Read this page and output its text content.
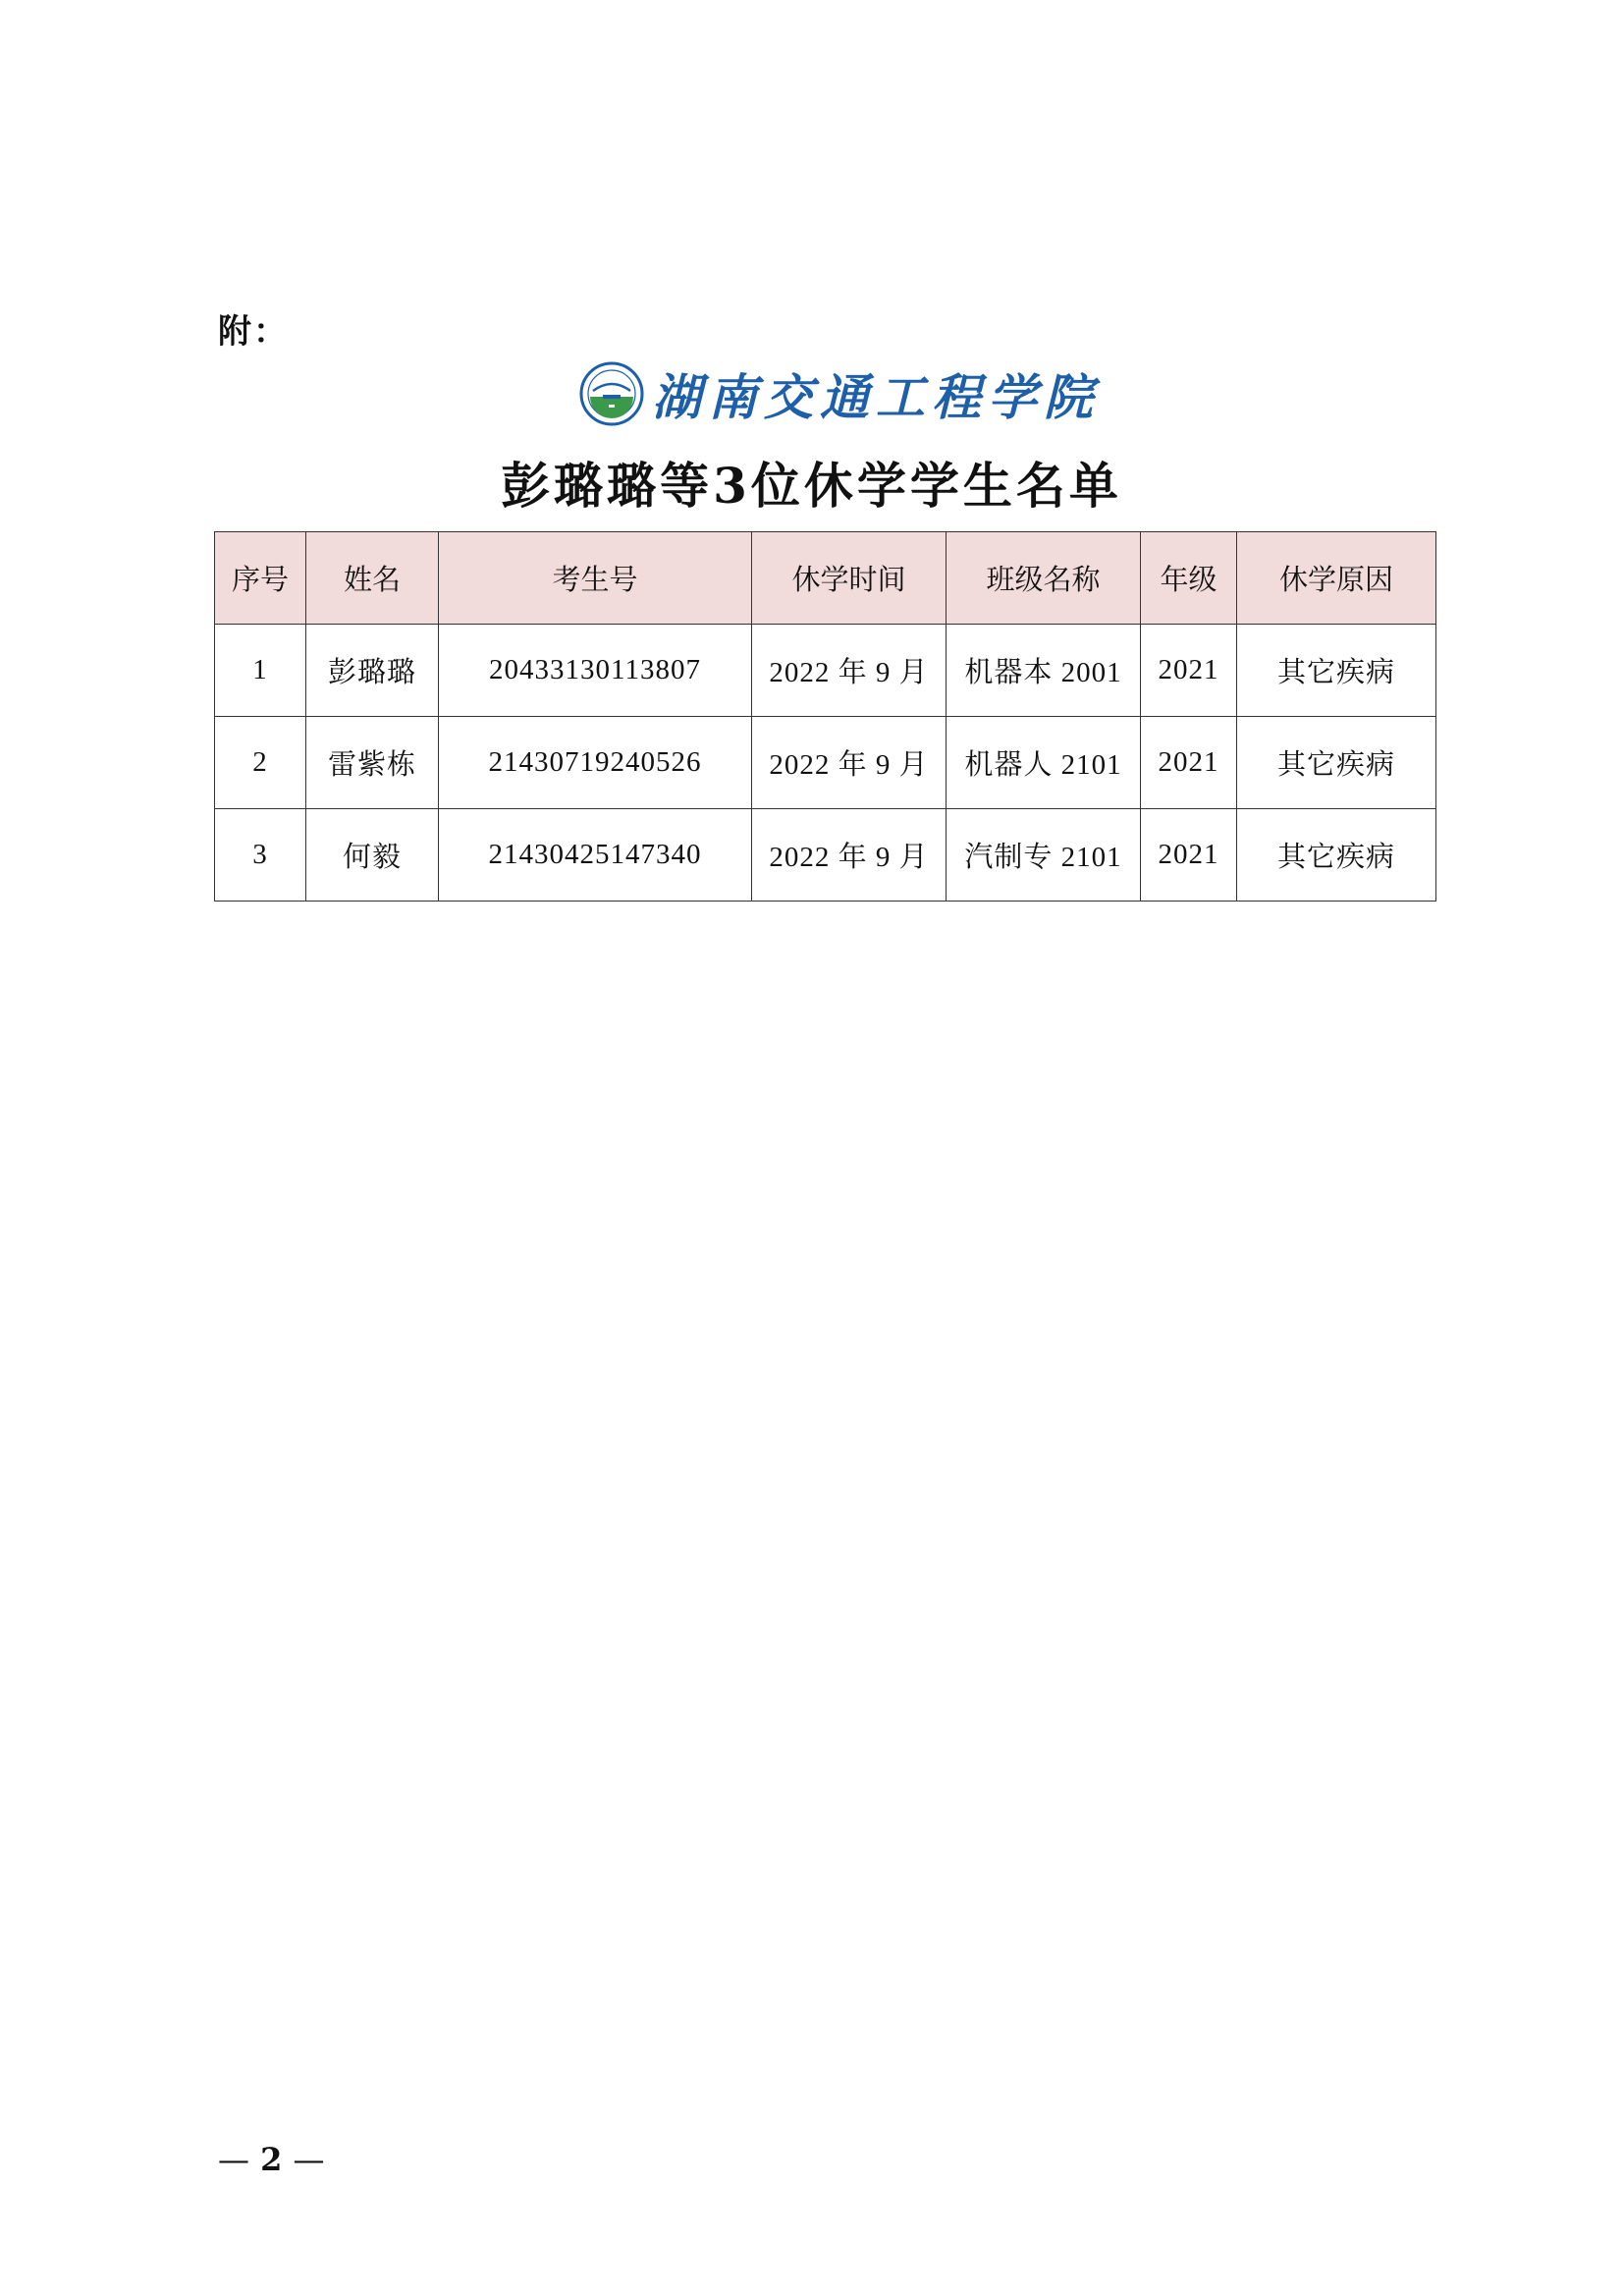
附：
湖南交通工程学院
彭璐璐等3位休学学生名单
序号	姓名	考生号	休学时间	班级名称	年级	休学原因
1	彭璐璐	20433130113807	2022 年 9 月	机器本 2001	2021	其它疾病
2	雷紫栋	21430719240526	2022 年 9 月	机器人 2101	2021	其它疾病
3	何毅	21430425147340	2022 年 9 月	汽制专 2101	2021	其它疾病
— 2 —
